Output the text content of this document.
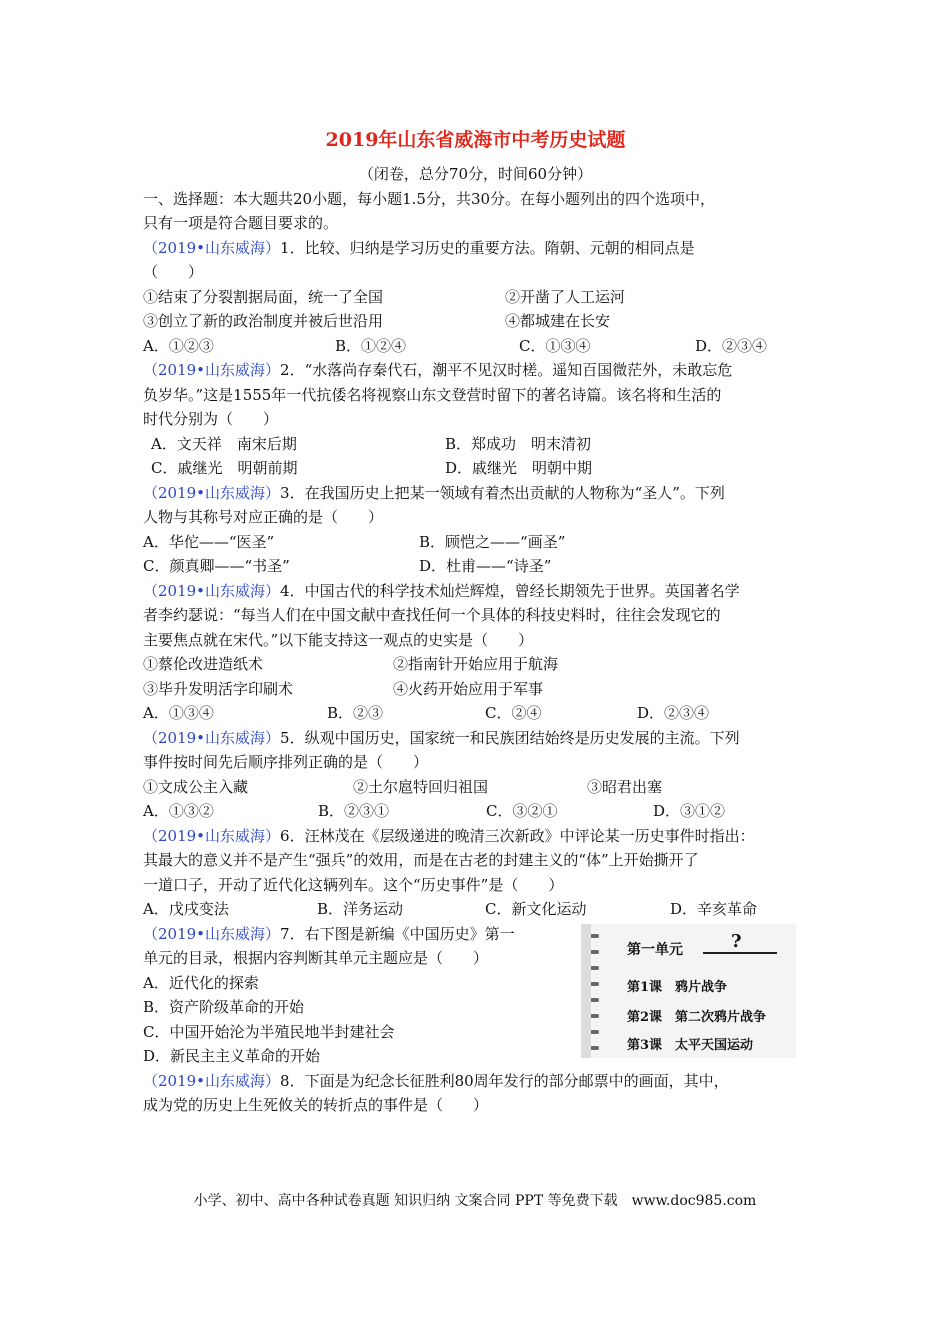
2019年山东省威海市中考历史试题
（闭卷，总分70分，时间60分钟）
一、选择题：本大题共20小题，每小题1.5分，共30分。在每小题列出的四个选项中，
只有一项是符合题目要求的。
（2019•山东威海）1．比较、归纳是学习历史的重要方法。隋朝、元朝的相同点是
（　　）
①结束了分裂割据局面，统一了全国	②开凿了人工运河
③创立了新的政治制度并被后世沿用	④都城建在长安
A．①②③	B．①②④	C．①③④	D．②③④
（2019•山东威海）2．“水落尚存秦代石，潮平不见汉时槎。遥知百国微茫外，未敢忘危
负岁华。”这是1555年一代抗倭名将视察山东文登营时留下的著名诗篇。该名将和生活的
时代分别为（　　）
A．文天祥　南宋后期	B．郑成功　明末清初
C．戚继光　明朝前期	D．戚继光　明朝中期
（2019•山东威海）3．在我国历史上把某一领域有着杰出贡献的人物称为“圣人”。下列
人物与其称号对应正确的是（　　）
A．华佗——“医圣”	B．顾恺之——“画圣”
C．颜真卿——“书圣”	D．杜甫——“诗圣”
（2019•山东威海）4．中国古代的科学技术灿烂辉煌，曾经长期领先于世界。英国著名学
者李约瑟说：“每当人们在中国文献中查找任何一个具体的科技史料时，往往会发现它的
主要焦点就在宋代。”以下能支持这一观点的史实是（　　）
①蔡伦改进造纸术	②指南针开始应用于航海
③毕升发明活字印刷术	④火药开始应用于军事
A．①③④	B．②③	C．②④	D．②③④
（2019•山东威海）5．纵观中国历史，国家统一和民族团结始终是历史发展的主流。下列
事件按时间先后顺序排列正确的是（　　）
①文成公主入藏	②土尔扈特回归祖国	③昭君出塞
A．①③②	B．②③①	C．③②①	D．③①②
（2019•山东威海）6．汪林茂在《层级递进的晚清三次新政》中评论某一历史事件时指出：
其最大的意义并不是产生“强兵”的效用，而是在古老的封建主义的“体”上开始撕开了
一道口子，开动了近代化这辆列车。这个“历史事件”是（　　）
A．戊戌变法	B．洋务运动	C．新文化运动	D．辛亥革命
（2019•山东威海）7．右下图是新编《中国历史》第一
单元的目录，根据内容判断其单元主题应是（　　）
A．近代化的探索
B．资产阶级革命的开始
C．中国开始沦为半殖民地半封建社会
D．新民主主义革命的开始
第一单元	?
第1课　鸦片战争
第2课　第二次鸦片战争
第3课　太平天国运动
（2019•山东威海）8．下面是为纪念长征胜利80周年发行的部分邮票中的画面，其中，
成为党的历史上生死攸关的转折点的事件是（　　）
小学、初中、高中各种试卷真题 知识归纳 文案合同 PPT 等免费下载　www.doc985.com
